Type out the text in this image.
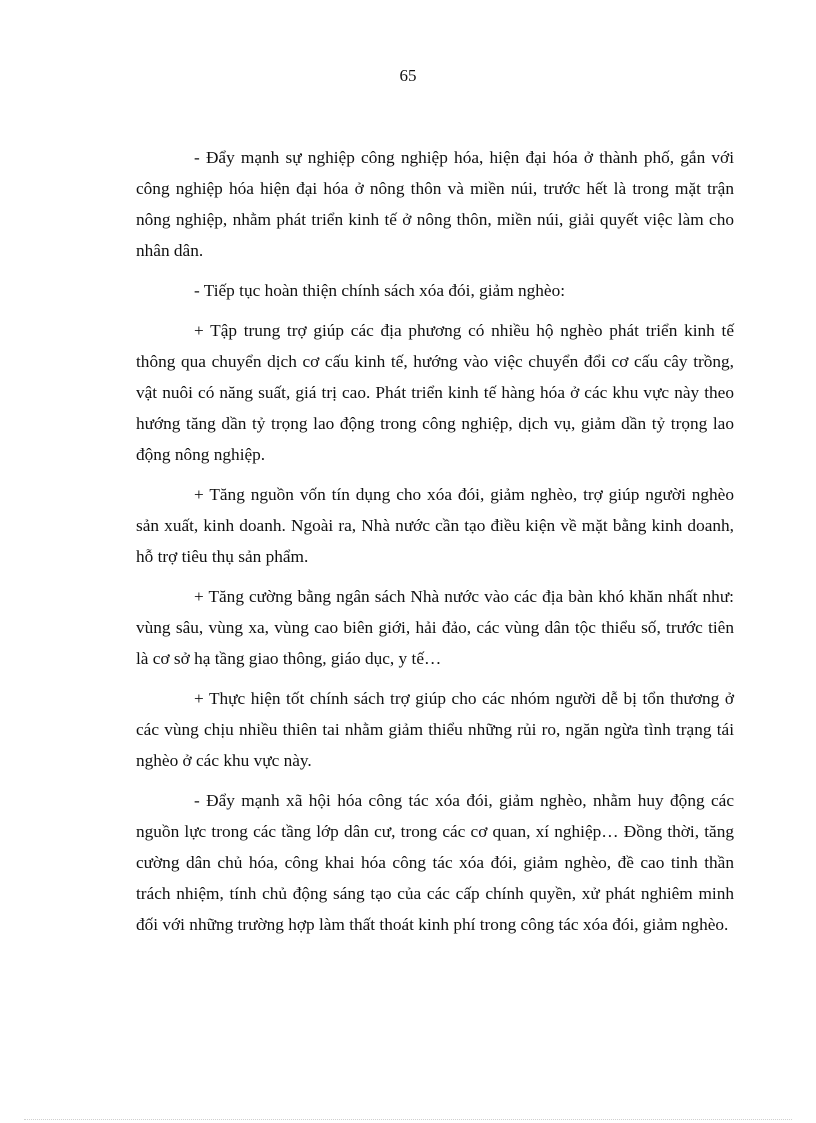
65

- Đẩy mạnh sự nghiệp công nghiệp hóa, hiện đại hóa ở thành phố, gắn với công nghiệp hóa hiện đại hóa ở nông thôn và miền núi, trước hết là trong mặt trận nông nghiệp, nhằm phát triển kinh tế ở nông thôn, miền núi, giải quyết việc làm cho nhân dân.

- Tiếp tục hoàn thiện chính sách xóa đói, giảm nghèo:

+ Tập trung trợ giúp các địa phương có nhiều hộ nghèo phát triển kinh tế thông qua chuyển dịch cơ cấu kinh tế, hướng vào việc chuyển đổi cơ cấu cây trồng, vật nuôi có năng suất, giá trị cao. Phát triển kinh tế hàng hóa ở các khu vực này theo hướng tăng dần tỷ trọng lao động trong công nghiệp, dịch vụ, giảm dần tỷ trọng lao động nông nghiệp.

+ Tăng nguồn vốn tín dụng cho xóa đói, giảm nghèo, trợ giúp người nghèo sản xuất, kinh doanh. Ngoài ra, Nhà nước cần tạo điều kiện về mặt bằng kinh doanh, hỗ trợ tiêu thụ sản phẩm.

+ Tăng cường bằng ngân sách Nhà nước vào các địa bàn khó khăn nhất như: vùng sâu, vùng xa, vùng cao biên giới, hải đảo, các vùng dân tộc thiểu số, trước tiên là cơ sở hạ tầng giao thông, giáo dục, y tế…

+ Thực hiện tốt chính sách trợ giúp cho các nhóm người dễ bị tổn thương ở các vùng chịu nhiều thiên tai nhằm giảm thiểu những rủi ro, ngăn ngừa tình trạng tái nghèo ở các khu vực này.

- Đẩy mạnh xã hội hóa công tác xóa đói, giảm nghèo, nhằm huy động các nguồn lực trong các tầng lớp dân cư, trong các cơ quan, xí nghiệp… Đồng thời, tăng cường dân chủ hóa, công khai hóa công tác xóa đói, giảm nghèo, đề cao tinh thần trách nhiệm, tính chủ động sáng tạo của các cấp chính quyền, xử phát nghiêm minh đối với những trường hợp làm thất thoát kinh phí trong công tác xóa đói, giảm nghèo.
